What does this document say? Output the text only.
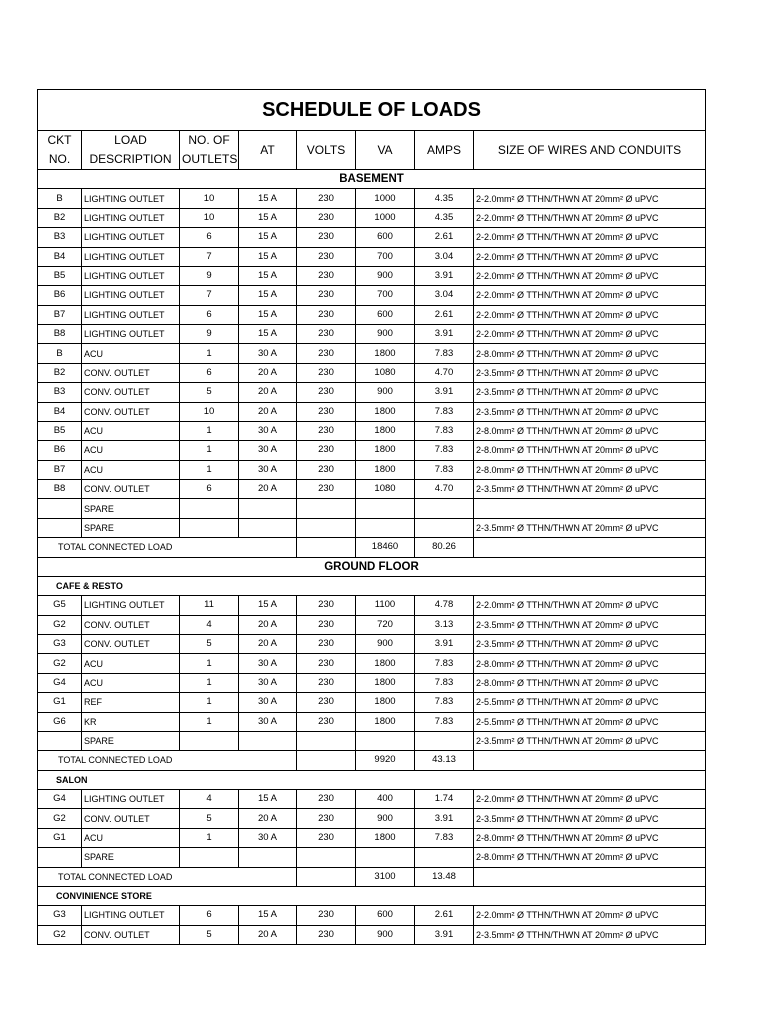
SCHEDULE OF LOADS							
CKT NO.	LOAD DESCRIPTION	NO. OF OUTLETS	AT	VOLTS	VA	AMPS	SIZE OF WIRES AND CONDUITS
BASEMENT							
B	LIGHTING OUTLET	10	15 A	230	1000	4.35	2-2.0mm² Ø TTHN/THWN AT 20mm² Ø uPVC
B2	LIGHTING OUTLET	10	15 A	230	1000	4.35	2-2.0mm² Ø TTHN/THWN AT 20mm² Ø uPVC
B3	LIGHTING OUTLET	6	15 A	230	600	2.61	2-2.0mm² Ø TTHN/THWN AT 20mm² Ø uPVC
B4	LIGHTING OUTLET	7	15 A	230	700	3.04	2-2.0mm² Ø TTHN/THWN AT 20mm² Ø uPVC
B5	LIGHTING OUTLET	9	15 A	230	900	3.91	2-2.0mm² Ø TTHN/THWN AT 20mm² Ø uPVC
B6	LIGHTING OUTLET	7	15 A	230	700	3.04	2-2.0mm² Ø TTHN/THWN AT 20mm² Ø uPVC
B7	LIGHTING OUTLET	6	15 A	230	600	2.61	2-2.0mm² Ø TTHN/THWN AT 20mm² Ø uPVC
B8	LIGHTING OUTLET	9	15 A	230	900	3.91	2-2.0mm² Ø TTHN/THWN AT 20mm² Ø uPVC
B	ACU	1	30 A	230	1800	7.83	2-8.0mm² Ø TTHN/THWN AT 20mm² Ø uPVC
B2	CONV. OUTLET	6	20 A	230	1080	4.70	2-3.5mm² Ø TTHN/THWN AT 20mm² Ø uPVC
B3	CONV. OUTLET	5	20 A	230	900	3.91	2-3.5mm² Ø TTHN/THWN AT 20mm² Ø uPVC
B4	CONV. OUTLET	10	20 A	230	1800	7.83	2-3.5mm² Ø TTHN/THWN AT 20mm² Ø uPVC
B5	ACU	1	30 A	230	1800	7.83	2-8.0mm² Ø TTHN/THWN AT 20mm² Ø uPVC
B6	ACU	1	30 A	230	1800	7.83	2-8.0mm² Ø TTHN/THWN AT 20mm² Ø uPVC
B7	ACU	1	30 A	230	1800	7.83	2-8.0mm² Ø TTHN/THWN AT 20mm² Ø uPVC
B8	CONV. OUTLET	6	20 A	230	1080	4.70	2-3.5mm² Ø TTHN/THWN AT 20mm² Ø uPVC
	SPARE						
	SPARE						2-3.5mm² Ø TTHN/THWN AT 20mm² Ø uPVC
TOTAL CONNECTED LOAD					18460	80.26	
GROUND FLOOR							
CAFE & RESTO							
G5	LIGHTING OUTLET	11	15 A	230	1100	4.78	2-2.0mm² Ø TTHN/THWN AT 20mm² Ø uPVC
G2	CONV. OUTLET	4	20 A	230	720	3.13	2-3.5mm² Ø TTHN/THWN AT 20mm² Ø uPVC
G3	CONV. OUTLET	5	20 A	230	900	3.91	2-3.5mm² Ø TTHN/THWN AT 20mm² Ø uPVC
G2	ACU	1	30 A	230	1800	7.83	2-8.0mm² Ø TTHN/THWN AT 20mm² Ø uPVC
G4	ACU	1	30 A	230	1800	7.83	2-8.0mm² Ø TTHN/THWN AT 20mm² Ø uPVC
G1	REF	1	30 A	230	1800	7.83	2-5.5mm² Ø TTHN/THWN AT 20mm² Ø uPVC
G6	KR	1	30 A	230	1800	7.83	2-5.5mm² Ø TTHN/THWN AT 20mm² Ø uPVC
	SPARE						2-3.5mm² Ø TTHN/THWN AT 20mm² Ø uPVC
TOTAL CONNECTED LOAD					9920	43.13	
SALON							
G4	LIGHTING OUTLET	4	15 A	230	400	1.74	2-2.0mm² Ø TTHN/THWN AT 20mm² Ø uPVC
G2	CONV. OUTLET	5	20 A	230	900	3.91	2-3.5mm² Ø TTHN/THWN AT 20mm² Ø uPVC
G1	ACU	1	30 A	230	1800	7.83	2-8.0mm² Ø TTHN/THWN AT 20mm² Ø uPVC
	SPARE						2-8.0mm² Ø TTHN/THWN AT 20mm² Ø uPVC
TOTAL CONNECTED LOAD					3100	13.48	
CONVINIENCE STORE							
G3	LIGHTING OUTLET	6	15 A	230	600	2.61	2-2.0mm² Ø TTHN/THWN AT 20mm² Ø uPVC
G2	CONV. OUTLET	5	20 A	230	900	3.91	2-3.5mm² Ø TTHN/THWN AT 20mm² Ø uPVC
